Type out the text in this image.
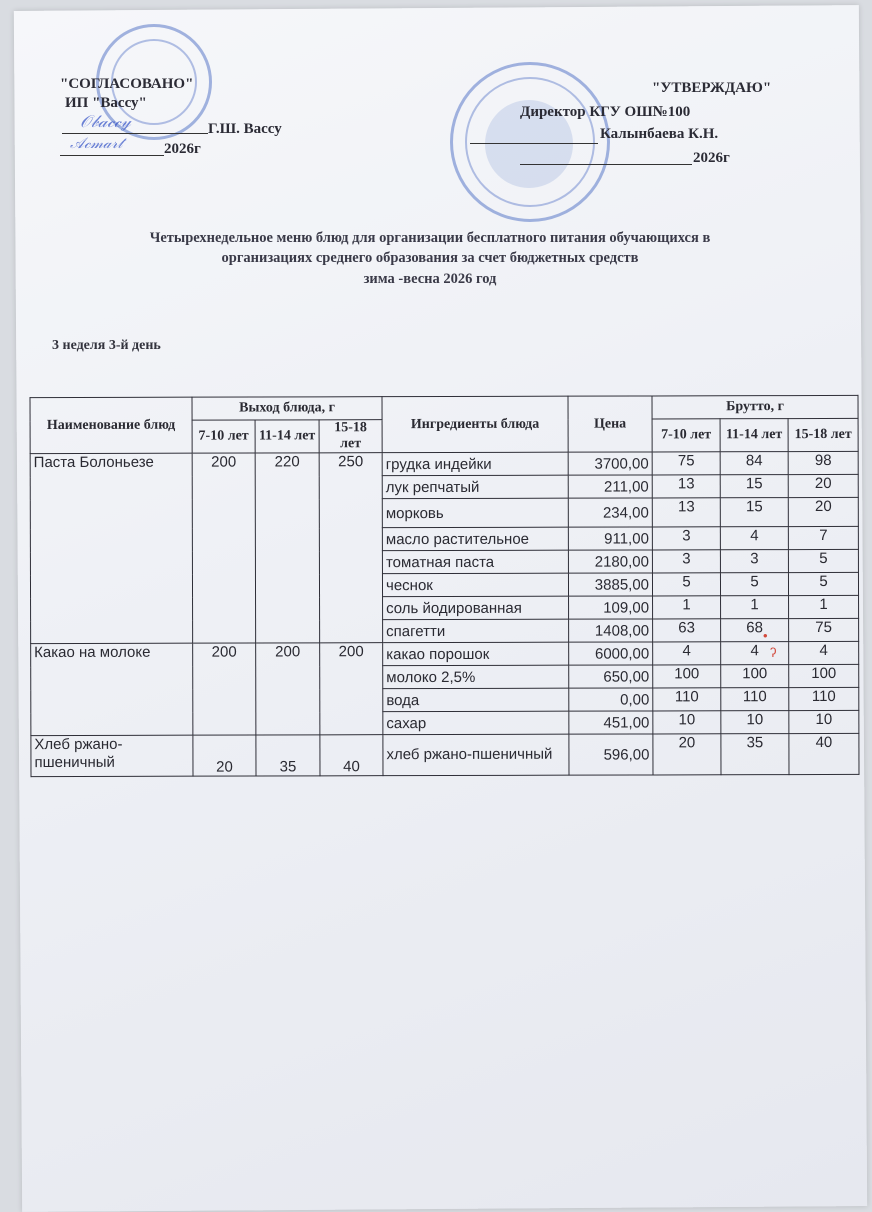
"СОГЛАСОВАНО"
ИП "Вассу"
𝒪𝒷𝒶𝒸𝒸𝓎	Г.Ш. Вассу
𝒜𝒸𝓂𝒶𝓇𝓉	2026г
"УТВЕРЖДАЮ"
Директор КГУ ОШ№100
Калынбаева К.Н.
2026г
Четырехнедельное меню блюд для организации бесплатного питания обучающихся в
организациях среднего образования за счет бюджетных средств
зима -весна 2026 год
3 неделя 3-й день
Наименование блюд	Выход блюда, г			Ингредиенты блюда	Цена	Брутто, г		
	7-10 лет	11-14 лет	15-18 лет			7-10 лет	11-14 лет	15-18 лет
Паста Болоньезе	200	220	250	грудка индейки	3700,00	75	84	98
				лук репчатый	211,00	13	15	20
				морковь	234,00	13	15	20
				масло растительное	911,00	3	4	7
				томатная паста	2180,00	3	3	5
				чеснок	3885,00	5	5	5
				соль йодированная	109,00	1	1	1
				спагетти	1408,00	63	68	75
Какао на молоке	200	200	200	какао порошок	6000,00	4	4	4
				молоко 2,5%	650,00	100	100	100
				вода	0,00	110	110	110
				сахар	451,00	10	10	10
Хлеб ржано-пшеничный	20	35	40	хлеб ржано-пшеничный	596,00	20	35	40
•
ʔ
